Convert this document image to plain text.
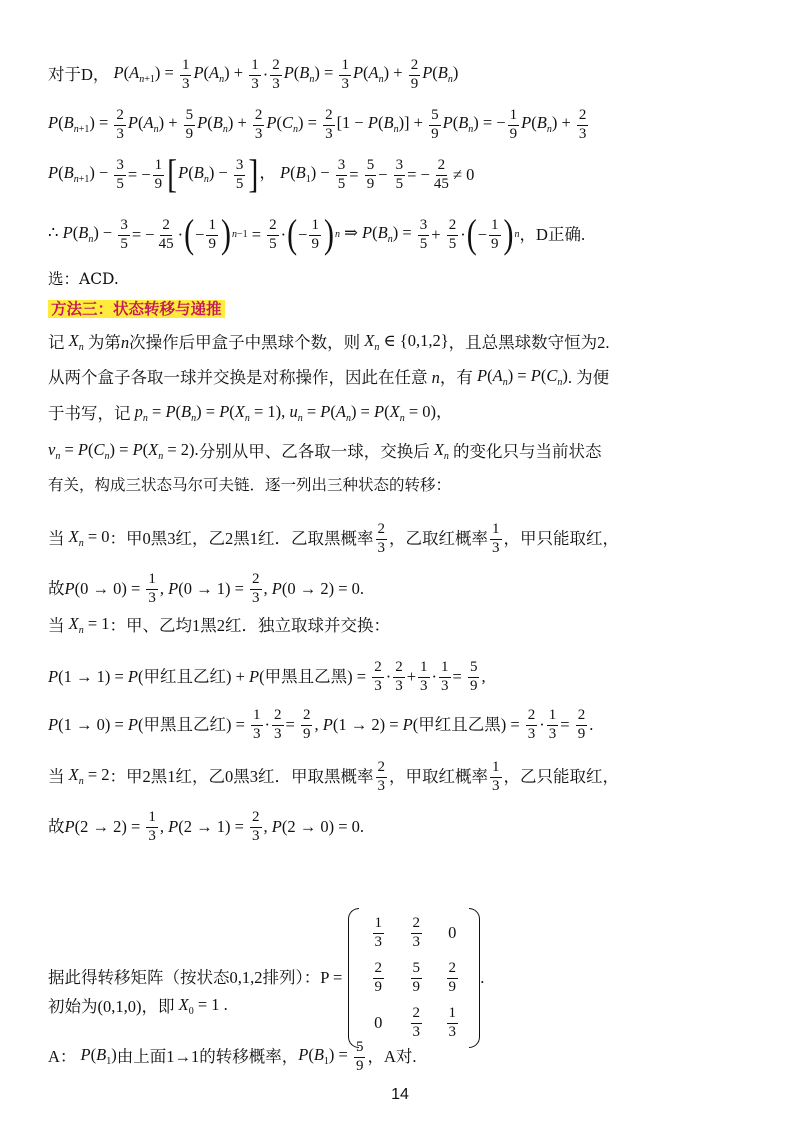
对于D， $P(A_{n+1}) = \frac{1}{3} P(A_n) + \frac{1}{3} \cdot \frac{2}{3} P(B_n) = \frac{1}{3} P(A_n) + \frac{2}{9} P(B_n)$
$P(B_{n+1}) = \frac{2}{3} P(A_n) + \frac{5}{9} P(B_n) + \frac{2}{3} P(C_n) = \frac{2}{3} [1 - P(B_n)] + \frac{5}{9} P(B_n)$ = − $\frac{1}{9} P(B_n) + \frac{2}{3}$
$P(B_{n+1}) - \frac{3}{5}$ = − $\frac{1}{9}$ [ $P(B_n) - \frac{3}{5}$ ] ， $P(B_1) - \frac{3}{5} = \frac{5}{9} - \frac{3}{5}$ = − $\frac{2}{45} \ne 0$
∴ $P(B_n) - \frac{3}{5}$ = − $\frac{2}{45}$ · ( − $\frac{1}{9}$ ) $n-1 = \frac{2}{5}$ · ( − $\frac{1}{9}$ ) n ⇒ $P(B_n) = \frac{3}{5} + \frac{2}{5}$ · ( − $\frac{1}{9}$ ) n ，D正确.
选：ACD.
方法三：状态转移与递推
记 $X_n$ 为第 n 次操作后甲盒子中黑球个数，则 $X_n$ ∈ {0,1,2} ，且总黑球数守恒为2.
从两个盒子各取一球并交换是对称操作，因此在任意 n ，有 $P(A_n) = P(C_n)$ . 为便
于书写，记 $p_n = P(B_n) = P(X_n = 1)$, $u_n = P(A_n) = P(X_n = 0)$，
$v_n = P(C_n) = P(X_n = 2)$. 分别从甲、乙各取一球，交换后 $X_n$ 的变化只与当前状态
有关，构成三状态马尔可夫链．逐一列出三种状态的转移：
当 $X_n = 0$ ：甲0黑3红，乙2黑1红．乙取黑概率 $\frac{2}{3}$ ，乙取红概率 $\frac{1}{3}$ ，甲只能取红，
故 $P(0 \to 0) = \frac{1}{3}$ , $P(0 \to 1) = \frac{2}{3}$ , P(0 → 2) = 0.
当 $X_n = 1$ ：甲、乙均1黑2红．独立取球并交换：
P(1 → 1) = P( 甲红且乙红 ) + P( 甲黑且乙黑 ) = $\frac{2}{3} \cdot \frac{2}{3} + \frac{1}{3} \cdot \frac{1}{3} = \frac{5}{9}$ ,
P(1 → 0) = P( 甲黑且乙红 ) = $\frac{1}{3} \cdot \frac{2}{3} = \frac{2}{9}$ , P(1 → 2) = P( 甲红且乙黑 ) = $\frac{2}{3} \cdot \frac{1}{3} = \frac{2}{9}$ .
当 $X_n = 2$ ：甲2黑1红，乙0黑3红．甲取黑概率 $\frac{2}{3}$ ，甲取红概率 $\frac{1}{3}$ ，乙只能取红，
故 $P(2 \to 2) = \frac{1}{3}$ , $P(2 \to 1) = \frac{2}{3}$ , P(2 → 0) = 0.
据此得转移矩阵（按状态0,1,2排列）： P =
$\frac{1}{3} \frac{2}{3} 0$
$\frac{2}{9} \frac{5}{9} \frac{2}{9}$
$0 \frac{2}{3} \frac{1}{3}$
.
初始为 (0,1,0) ，即 $X_0 = 1$ .
A： $P(B_1)$ 由上面1→1的转移概率， $P(B_1) = \frac{5}{9}$ ，A对.
14
